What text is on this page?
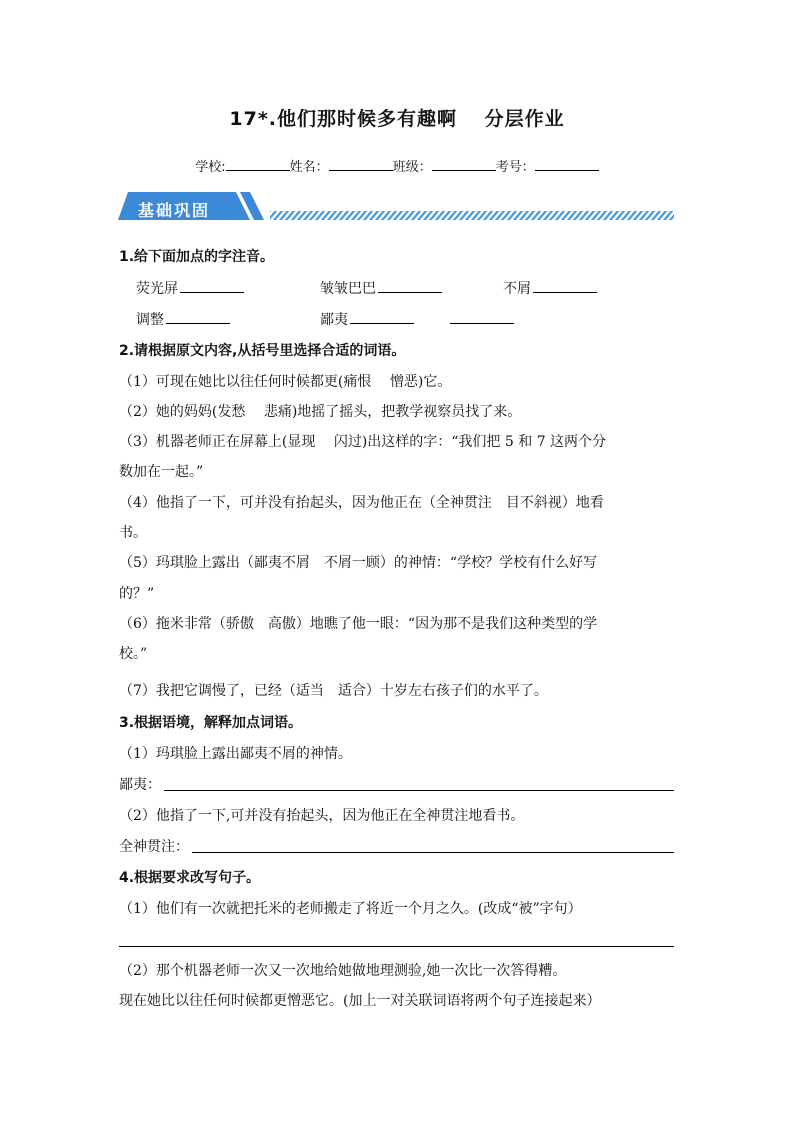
17*.他们那时候多有趣啊　 分层作业
学校:	姓名：	班级：	考号：
基础巩固
1.给下面加点的字注音。
荧光屏	皱皱巴巴	不屑
调整	鄙夷
2.请根据原文内容,从括号里选择合适的词语。
（1）可现在她比以往任何时候都更(痛恨　 憎恶)它。
（2）她的妈妈(发愁　 悲痛)地摇了摇头，把教学视察员找了来。
（3）机器老师正在屏幕上(显现　 闪过)出这样的字：“我们把 5 和 7 这两个分
数加在一起。”
（4）他指了一下，可并没有抬起头，因为他正在（全神贯注　目不斜视）地看
书。
（5）玛琪脸上露出（鄙夷不屑　不屑一顾）的神情：“学校？学校有什么好写
的？”
（6）拖米非常（骄傲　高傲）地瞧了他一眼：“因为那不是我们这种类型的学
校。”
（7）我把它调慢了，已经（适当　适合）十岁左右孩子们的水平了。
3.根据语境，解释加点词语。
（1）玛琪脸上露出鄙夷不屑的神情。
鄙夷：
（2）他指了一下,可并没有抬起头，因为他正在全神贯注地看书。
全神贯注：
4.根据要求改写句子。
（1）他们有一次就把托米的老师搬走了将近一个月之久。(改成“被”字句）
（2）那个机器老师一次又一次地给她做地理测验,她一次比一次答得糟。
现在她比以往任何时候都更憎恶它。(加上一对关联词语将两个句子连接起来）
